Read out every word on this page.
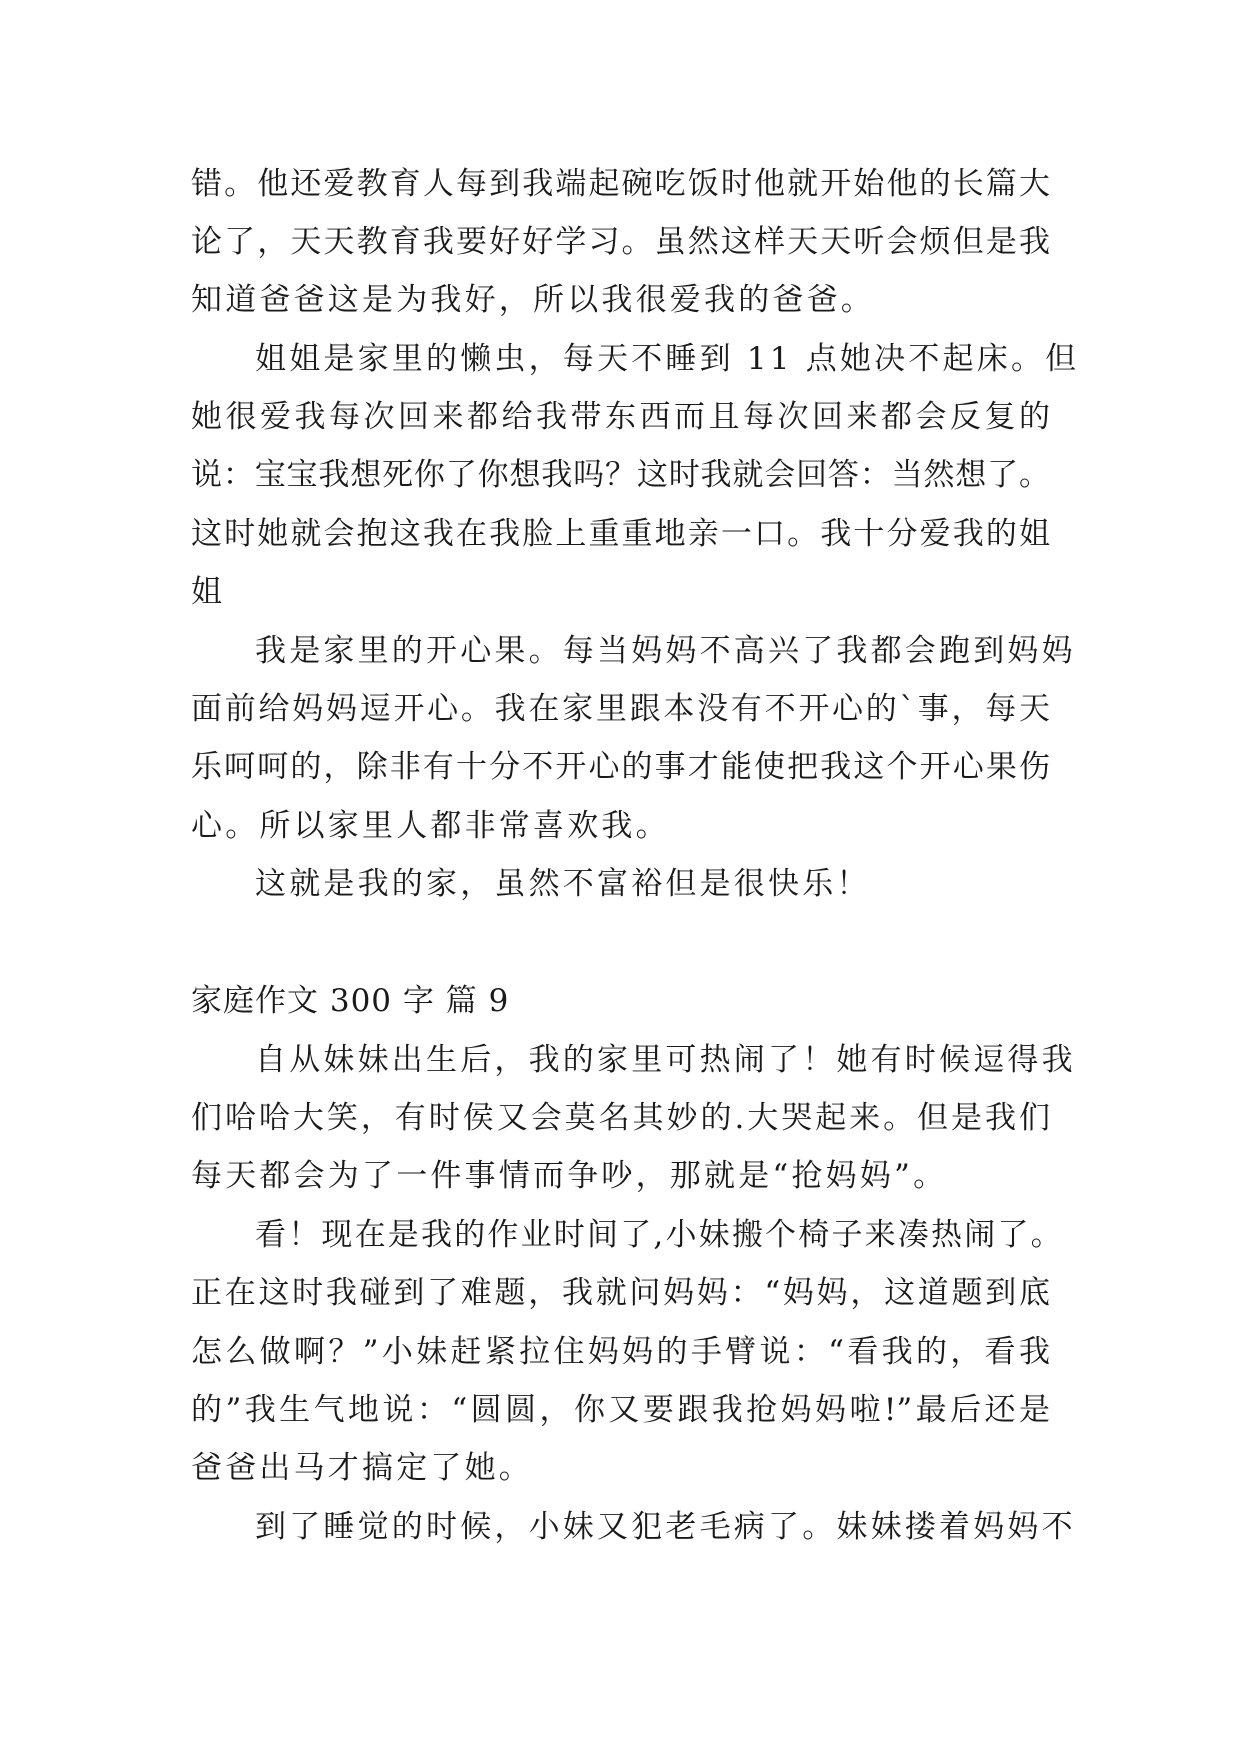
错。他还爱教育人每到我端起碗吃饭时他就开始他的长篇大
论了，天天教育我要好好学习。虽然这样天天听会烦但是我
知道爸爸这是为我好，所以我很爱我的爸爸。
姐姐是家里的懒虫，每天不睡到 11 点她决不起床。但
她很爱我每次回来都给我带东西而且每次回来都会反复的
说：宝宝我想死你了你想我吗？这时我就会回答：当然想了。
这时她就会抱这我在我脸上重重地亲一口。我十分爱我的姐
姐
我是家里的开心果。每当妈妈不高兴了我都会跑到妈妈
面前给妈妈逗开心。我在家里跟本没有不开心的`事，每天
乐呵呵的，除非有十分不开心的事才能使把我这个开心果伤
心。所以家里人都非常喜欢我。
这就是我的家，虽然不富裕但是很快乐！
家庭作文 300 字 篇 9
自从妹妹出生后，我的家里可热闹了！她有时候逗得我
们哈哈大笑，有时侯又会莫名其妙的.大哭起来。但是我们
每天都会为了一件事情而争吵，那就是“抢妈妈”。
看！现在是我的作业时间了,小妹搬个椅子来凑热闹了。
正在这时我碰到了难题，我就问妈妈：“妈妈，这道题到底
怎么做啊？”小妹赶紧拉住妈妈的手臂说：“看我的，看我
的”我生气地说：“圆圆，你又要跟我抢妈妈啦!”最后还是
爸爸出马才搞定了她。
到了睡觉的时候，小妹又犯老毛病了。妹妹搂着妈妈不
